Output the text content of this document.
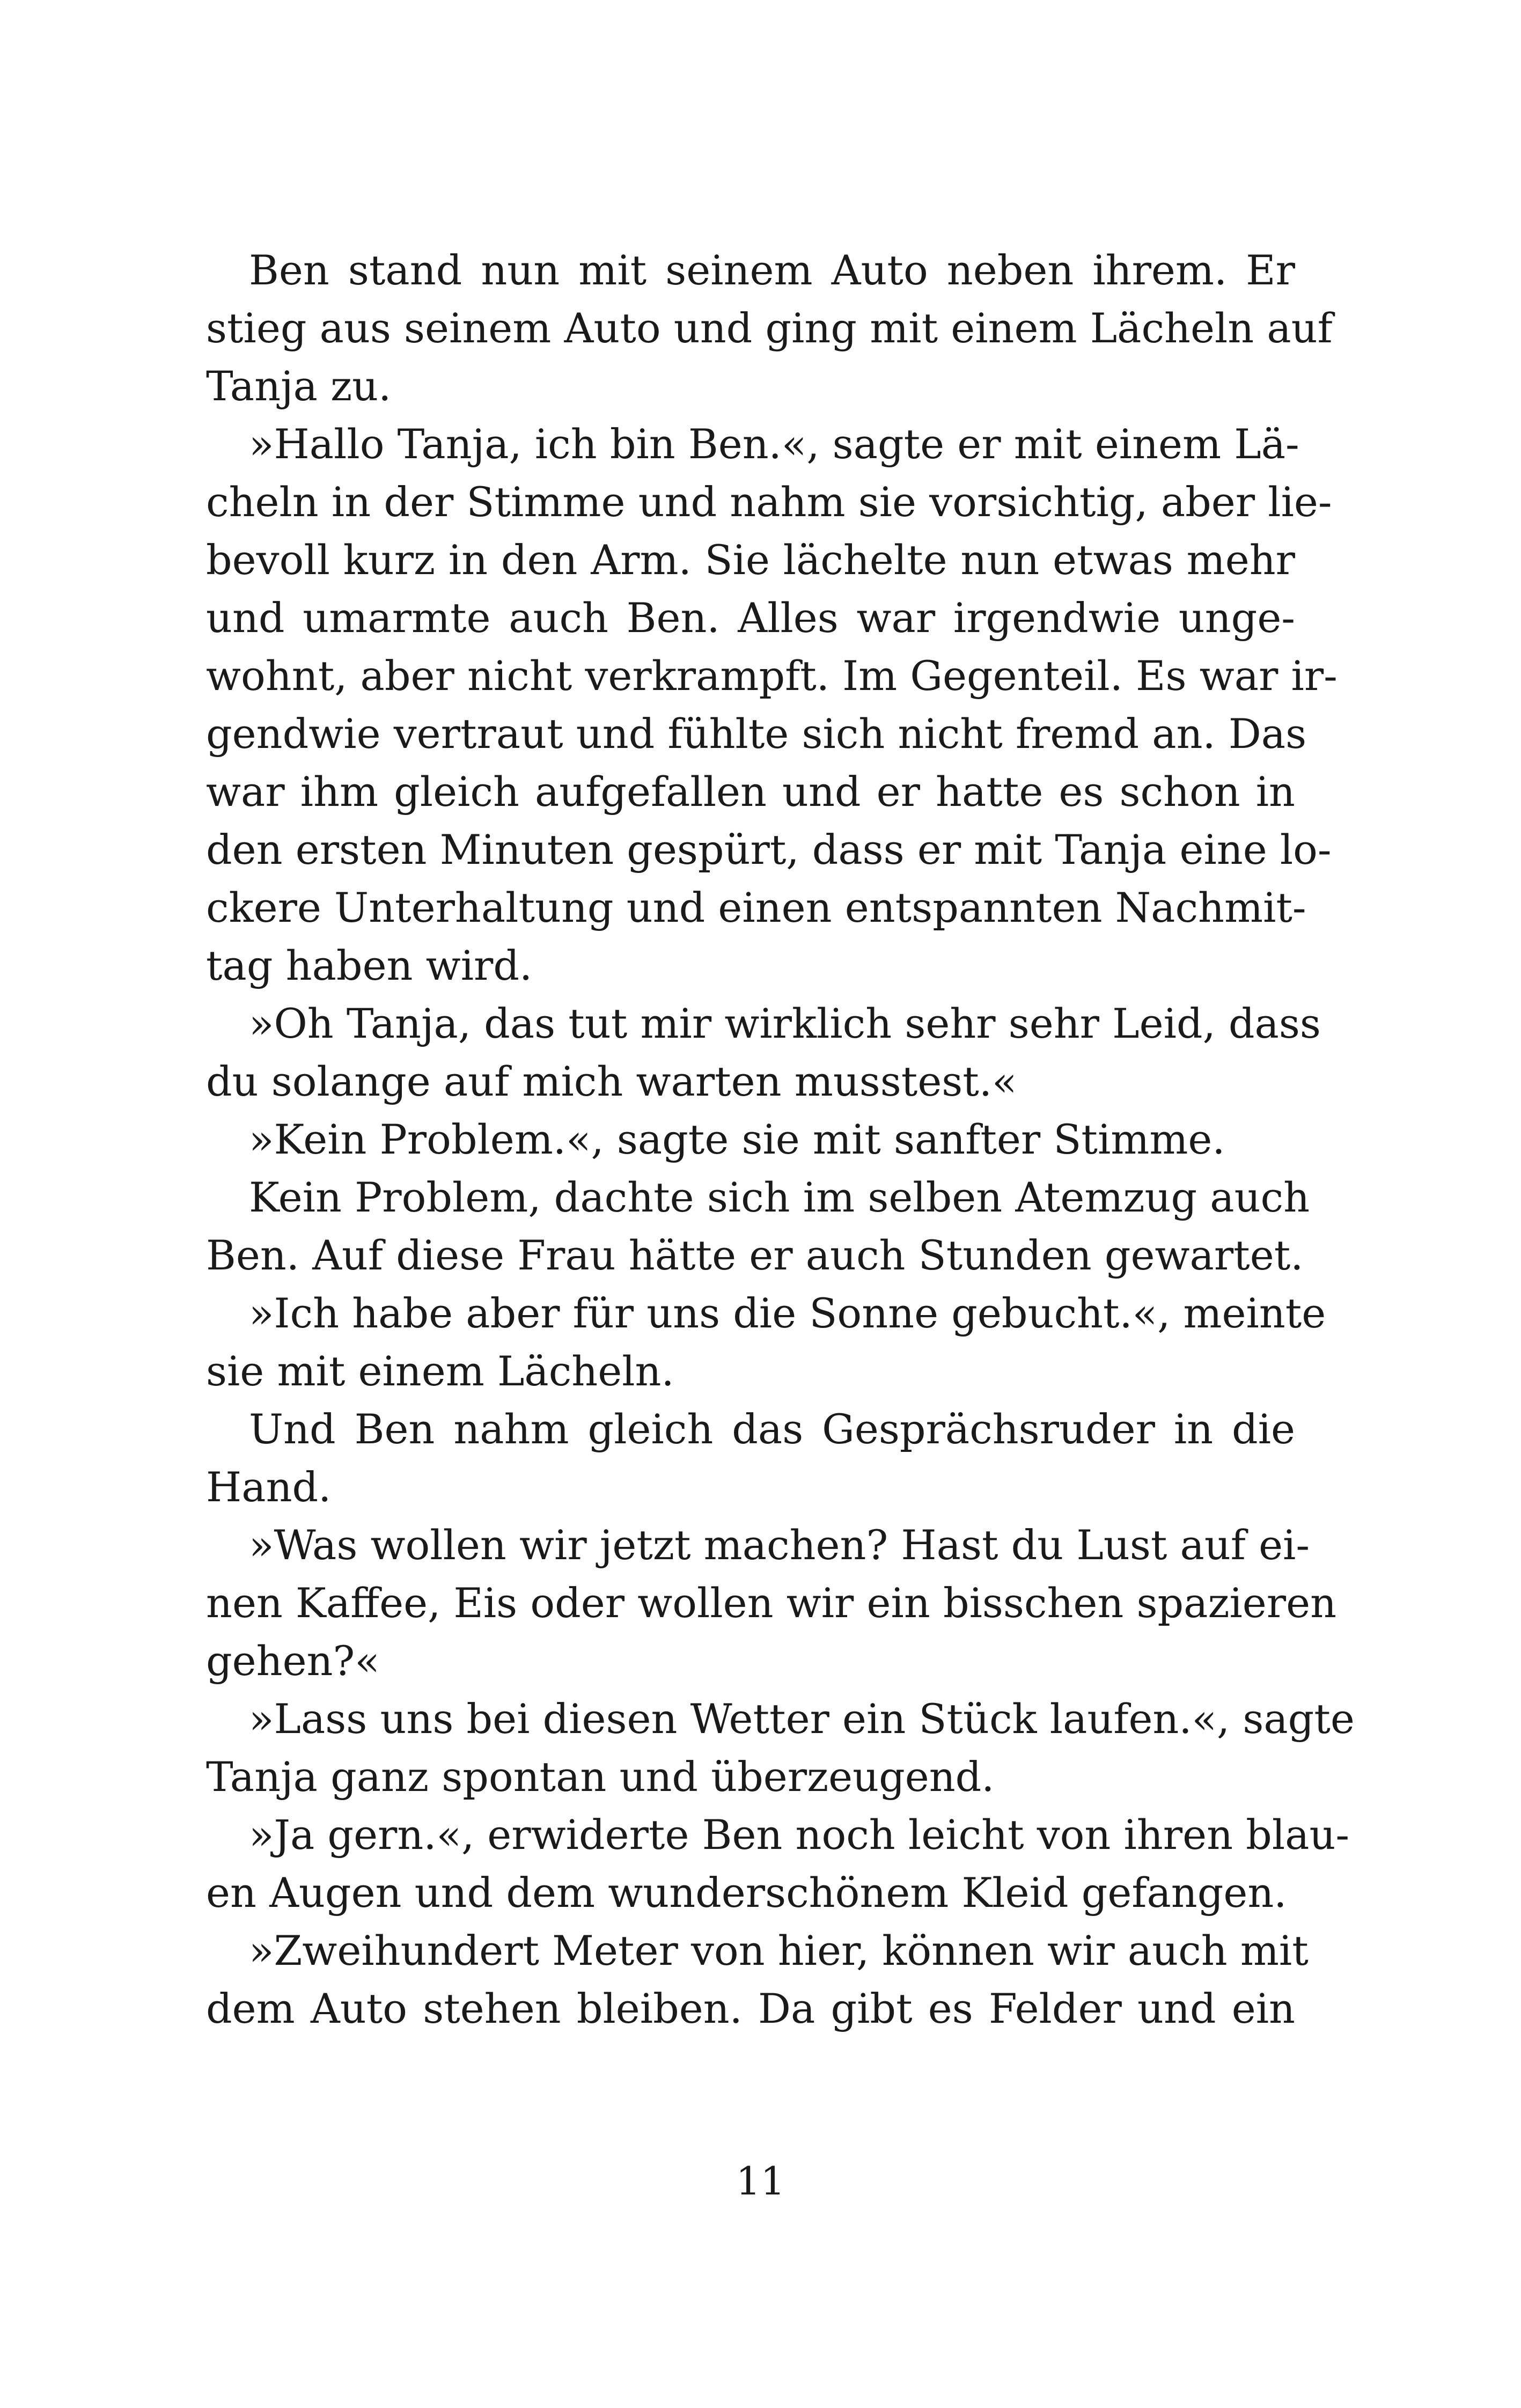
Ben stand nun mit seinem Auto neben ihrem. Er
stieg aus seinem Auto und ging mit einem Lächeln auf
Tanja zu.
»Hallo Tanja, ich bin Ben.«, sagte er mit einem Lä-
cheln in der Stimme und nahm sie vorsichtig, aber lie-
bevoll kurz in den Arm. Sie lächelte nun etwas mehr
und umarmte auch Ben. Alles war irgendwie unge-
wohnt, aber nicht verkrampft. Im Gegenteil. Es war ir-
gendwie vertraut und fühlte sich nicht fremd an. Das
war ihm gleich aufgefallen und er hatte es schon in
den ersten Minuten gespürt, dass er mit Tanja eine lo-
ckere Unterhaltung und einen entspannten Nachmit-
tag haben wird.
»Oh Tanja, das tut mir wirklich sehr sehr Leid, dass
du solange auf mich warten musstest.«
»Kein Problem.«, sagte sie mit sanfter Stimme.
Kein Problem, dachte sich im selben Atemzug auch
Ben. Auf diese Frau hätte er auch Stunden gewartet.
»Ich habe aber für uns die Sonne gebucht.«, meinte
sie mit einem Lächeln.
Und Ben nahm gleich das Gesprächsruder in die
Hand.
»Was wollen wir jetzt machen? Hast du Lust auf ei-
nen Kaffee, Eis oder wollen wir ein bisschen spazieren
gehen?«
»Lass uns bei diesen Wetter ein Stück laufen.«, sagte
Tanja ganz spontan und überzeugend.
»Ja gern.«, erwiderte Ben noch leicht von ihren blau-
en Augen und dem wunderschönem Kleid gefangen.
»Zweihundert Meter von hier, können wir auch mit
dem Auto stehen bleiben. Da gibt es Felder und ein
11
